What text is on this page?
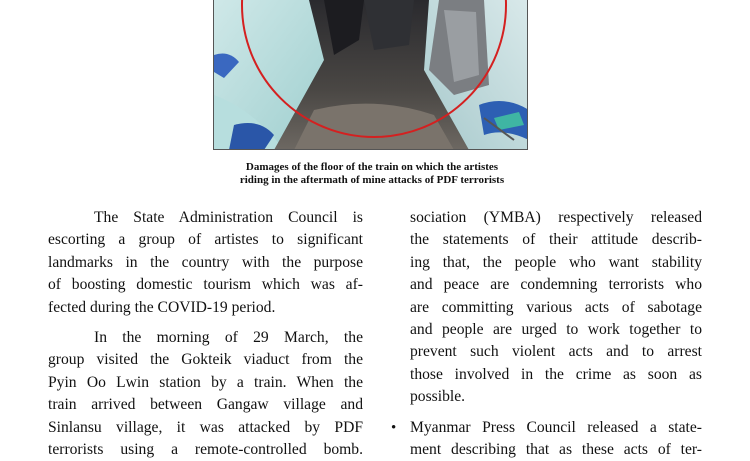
Damages of the floor of the train on which the artistes
riding in the aftermath of mine attacks of PDF terrorists
The State Administration Council is
escorting a group of artistes to significant
landmarks in the country with the purpose
of boosting domestic tourism which was af-
fected during the COVID-19 period.
In the morning of 29 March, the
group visited the Gokteik viaduct from the
Pyin Oo Lwin station by a train. When the
train arrived between Gangaw village and
Sinlansu village, it was attacked by PDF
terrorists using a remote-controlled bomb.
sociation (YMBA) respectively released
the statements of their attitude describ-
ing that, the people who want stability
and peace are condemning terrorists who
are committing various acts of sabotage
and people are urged to work together to
prevent such violent acts and to arrest
those involved in the crime as soon as
possible.
• Myanmar Press Council released a state-
ment describing that as these acts of ter-
